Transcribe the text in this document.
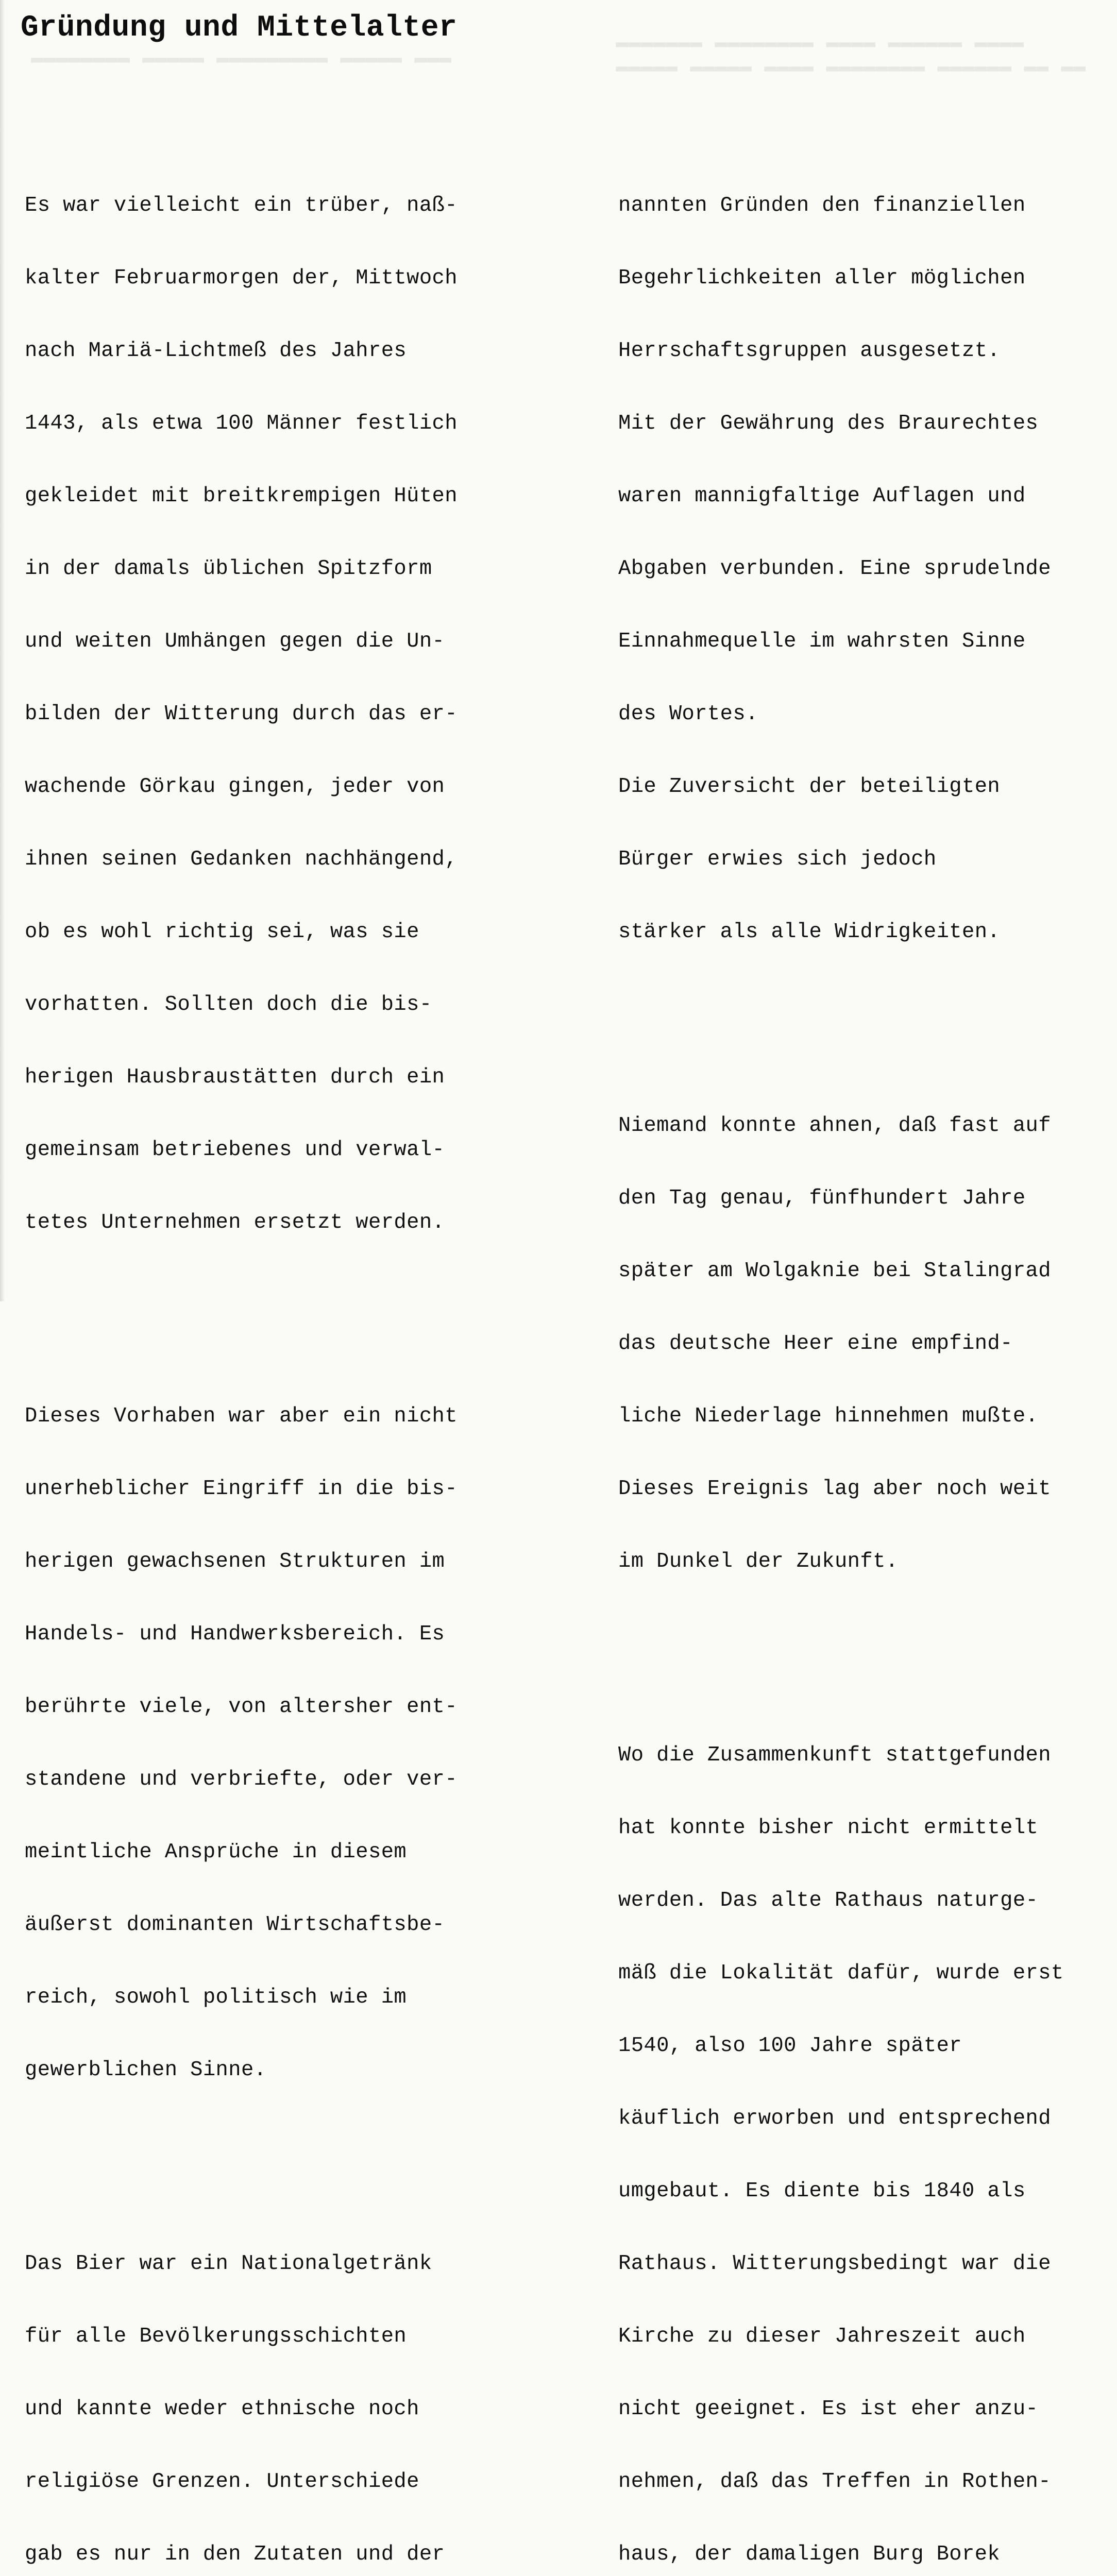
▬▬▬▬▬▬▬ ▬▬▬▬▬▬▬▬ ▬▬▬▬ ▬▬▬▬▬▬ ▬▬▬▬
▬▬▬▬▬ ▬▬▬▬▬ ▬▬▬▬ ▬▬▬▬▬▬▬▬ ▬▬▬▬▬▬ ▬▬ ▬▬
▬▬▬▬▬▬▬▬ ▬▬▬▬▬ ▬▬▬▬▬▬▬▬▬ ▬▬▬▬▬ ▬▬▬
Gründung und Mittelalter

Es war vielleicht ein trüber, naß-

kalter Februarmorgen der, Mittwoch

nach Mariä-Lichtmeß des Jahres

1443, als etwa 100 Männer festlich

gekleidet mit breitkrempigen Hüten

in der damals üblichen Spitzform

und weiten Umhängen gegen die Un-

bilden der Witterung durch das er-

wachende Görkau gingen, jeder von

ihnen seinen Gedanken nachhängend,

ob es wohl richtig sei, was sie

vorhatten. Sollten doch die bis-

herigen Hausbraustätten durch ein

gemeinsam betriebenes und verwal-

tetes Unternehmen ersetzt werden.

Dieses Vorhaben war aber ein nicht

unerheblicher Eingriff in die bis-

herigen gewachsenen Strukturen im

Handels- und Handwerksbereich. Es

berührte viele, von altersher ent-

standene und verbriefte, oder ver-

meintliche Ansprüche in diesem

äußerst dominanten Wirtschaftsbe-

reich, sowohl politisch wie im

gewerblichen Sinne.

Das Bier war ein Nationalgetränk

für alle Bevölkerungsschichten

und kannte weder ethnische noch

religiöse Grenzen. Unterschiede

gab es nur in den Zutaten und der

nannten Gründen den finanziellen

Begehrlichkeiten aller möglichen

Herrschaftsgruppen ausgesetzt.

Mit der Gewährung des Braurechtes

waren mannigfaltige Auflagen und

Abgaben verbunden. Eine sprudelnde

Einnahmequelle im wahrsten Sinne

des Wortes.

Die Zuversicht der beteiligten

Bürger erwies sich jedoch

stärker als alle Widrigkeiten.

Niemand konnte ahnen, daß fast auf

den Tag genau, fünfhundert Jahre

später am Wolgaknie bei Stalingrad

das deutsche Heer eine empfind-

liche Niederlage hinnehmen mußte.

Dieses Ereignis lag aber noch weit

im Dunkel der Zukunft.

Wo die Zusammenkunft stattgefunden

hat konnte bisher nicht ermittelt

werden. Das alte Rathaus naturge-

mäß die Lokalität dafür, wurde erst

1540, also 100 Jahre später

käuflich erworben und entsprechend

umgebaut. Es diente bis 1840 als

Rathaus. Witterungsbedingt war die

Kirche zu dieser Jahreszeit auch

nicht geeignet. Es ist eher anzu-

nehmen, daß das Treffen in Rothen-

haus, der damaligen Burg Borek
